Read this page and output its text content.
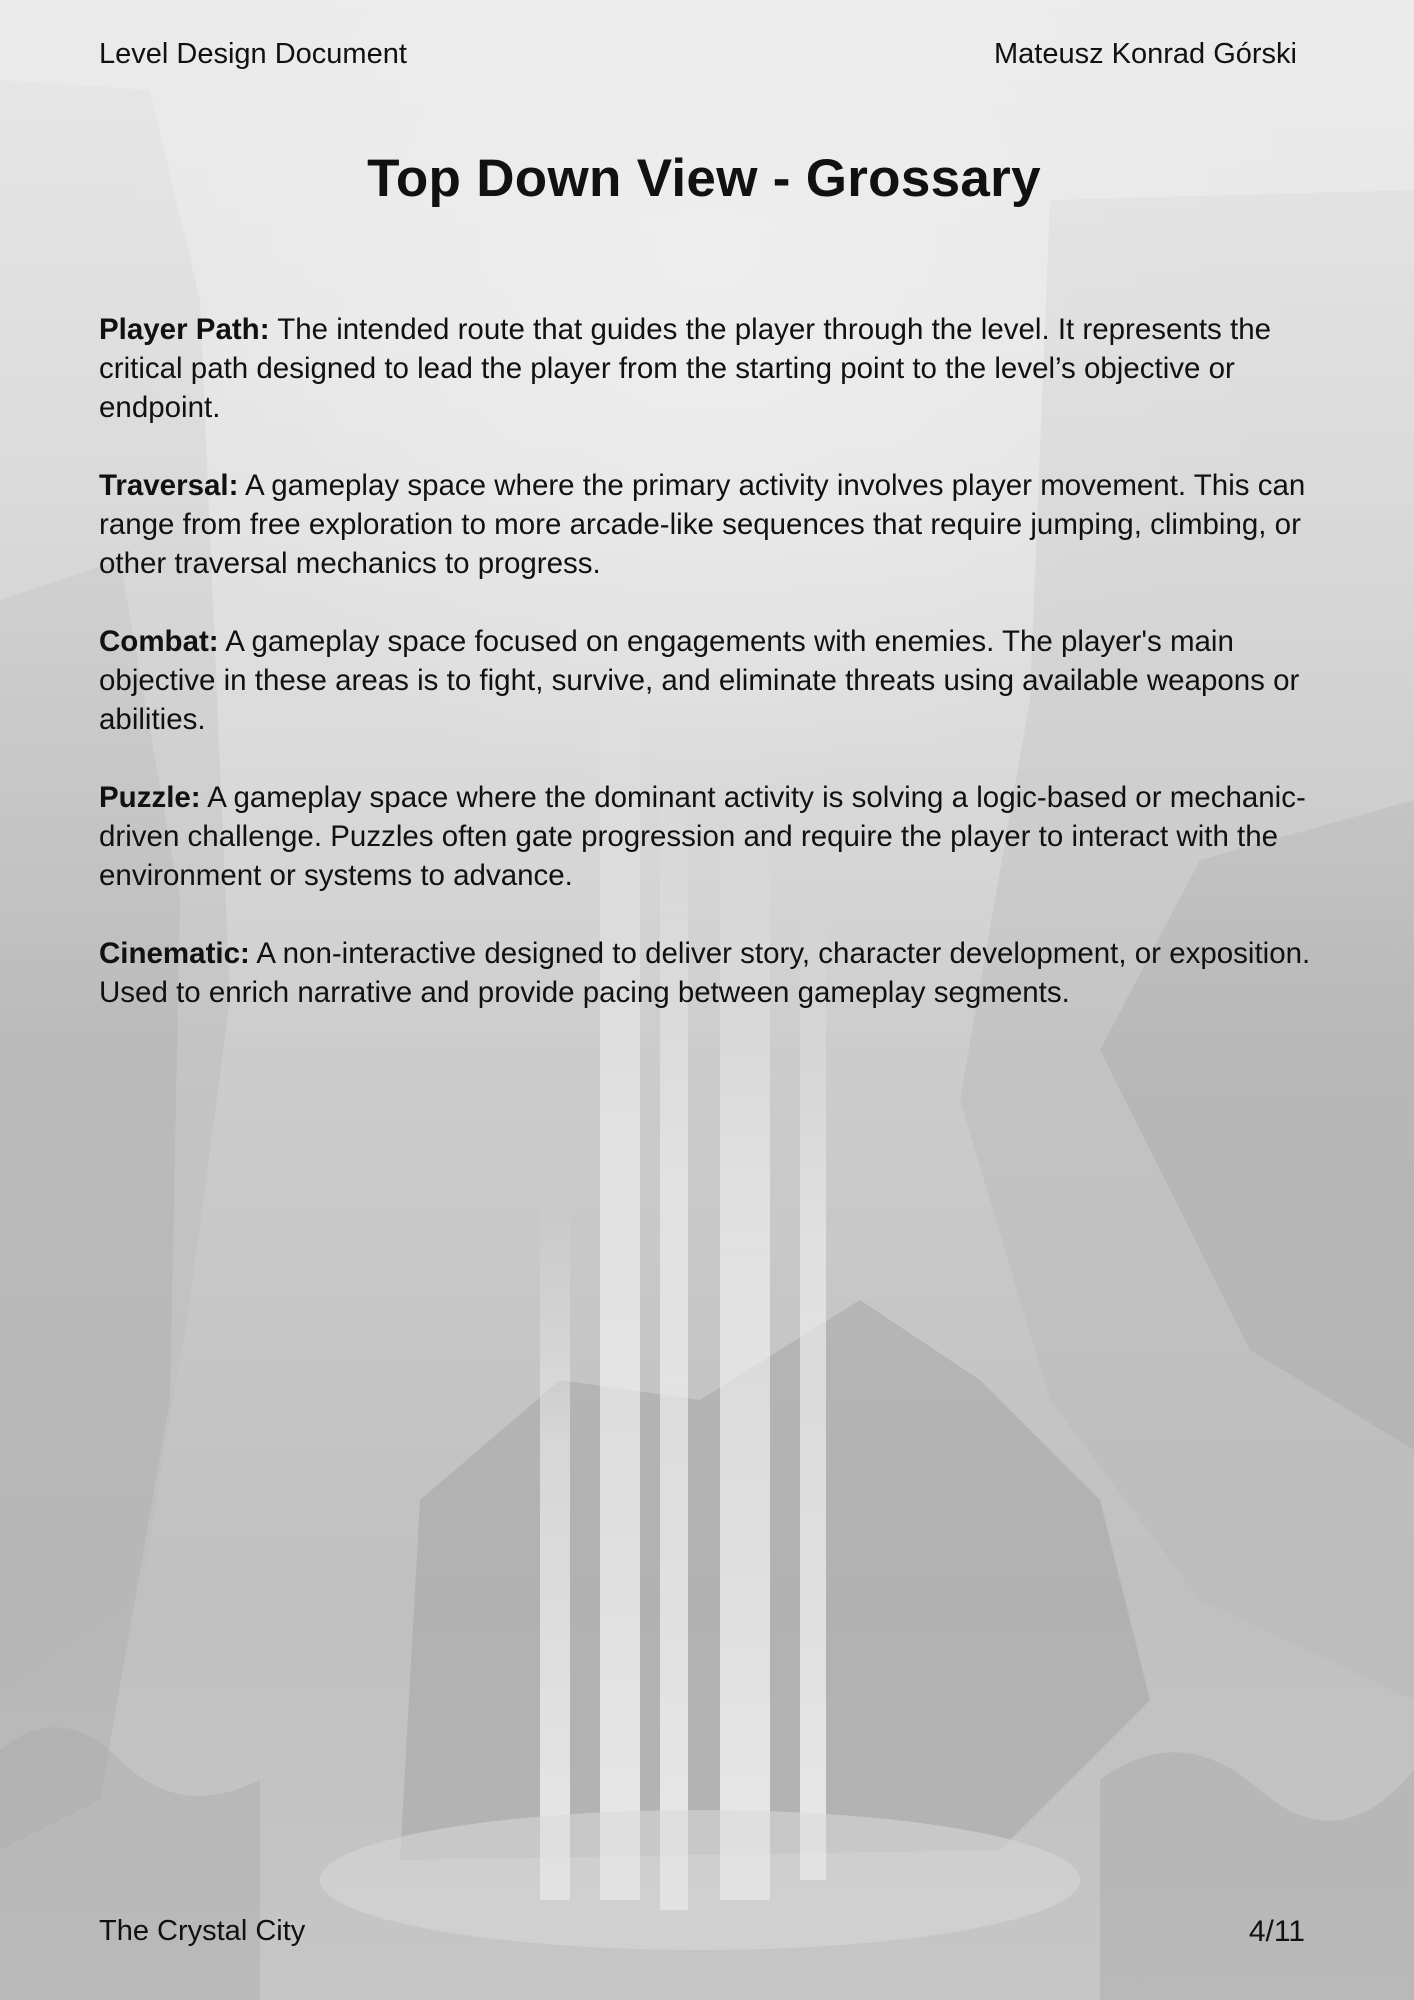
Level Design Document	Mateusz Konrad Górski
Top Down View - Grossary

Player Path: The intended route that guides the player through the level. It represents the critical path designed to lead the player from the starting point to the level’s objective or endpoint.

Traversal: A gameplay space where the primary activity involves player movement. This can range from free exploration to more arcade-like sequences that require jumping, climbing, or other traversal mechanics to progress.

Combat: A gameplay space focused on engagements with enemies. The player's main objective in these areas is to fight, survive, and eliminate threats using available weapons or abilities.

Puzzle: A gameplay space where the dominant activity is solving a logic-based or mechanic-driven challenge. Puzzles often gate progression and require the player to interact with the environment or systems to advance.

Cinematic: A non-interactive designed to deliver story, character development, or exposition. Used to enrich narrative and provide pacing between gameplay segments.

The Crystal City	4/11
